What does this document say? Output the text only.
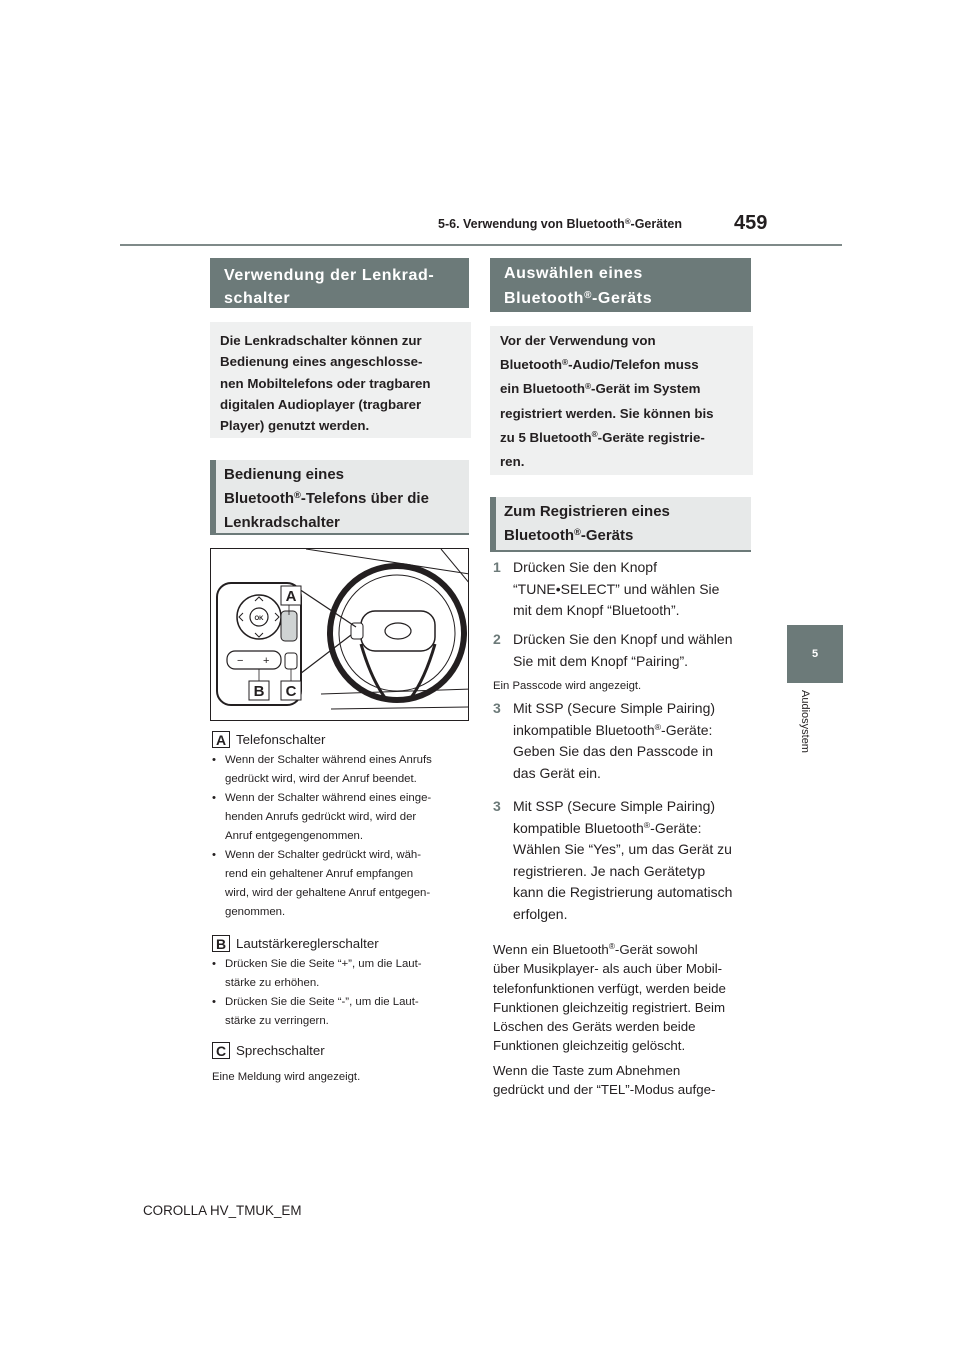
5-6. Verwendung von Bluetooth®-Geräten	459
5
Audiosystem
Verwendung der Lenkrad-
schalter
Die Lenkradschalter können zur
Bedienung eines angeschlosse-
nen Mobiltelefons oder tragbaren
digitalen Audioplayer (tragbarer
Player) genutzt werden.
Bedienung eines
Bluetooth®-Telefons über die
Lenkradschalter
OK
− +
A
B C
A Telefonschalter
• Wenn der Schalter während eines Anrufs
gedrückt wird, wird der Anruf beendet.
• Wenn der Schalter während eines einge-
henden Anrufs gedrückt wird, wird der
Anruf entgegengenommen.
• Wenn der Schalter gedrückt wird, wäh-
rend ein gehaltener Anruf empfangen
wird, wird der gehaltene Anruf entgegen-
genommen.
B Lautstärkereglerschalter
• Drücken Sie die Seite “+”, um die Laut-
stärke zu erhöhen.
• Drücken Sie die Seite “-”, um die Laut-
stärke zu verringern.
C Sprechschalter
Eine Meldung wird angezeigt.
Auswählen eines
Bluetooth®-Geräts
Vor der Verwendung von
Bluetooth®-Audio/Telefon muss
ein Bluetooth®-Gerät im System
registriert werden. Sie können bis
zu 5 Bluetooth®-Geräte registrie-
ren.
Zum Registrieren eines
Bluetooth®-Geräts
1 Drücken Sie den Knopf
“TUNE•SELECT” und wählen Sie
mit dem Knopf “Bluetooth”.
2 Drücken Sie den Knopf und wählen
Sie mit dem Knopf “Pairing”.
Ein Passcode wird angezeigt.
3 Mit SSP (Secure Simple Pairing)
inkompatible Bluetooth®-Geräte:
Geben Sie das den Passcode in
das Gerät ein.
3 Mit SSP (Secure Simple Pairing)
kompatible Bluetooth®-Geräte:
Wählen Sie “Yes”, um das Gerät zu
registrieren. Je nach Gerätetyp
kann die Registrierung automatisch
erfolgen.
Wenn ein Bluetooth®-Gerät sowohl
über Musikplayer- als auch über Mobil-
telefonfunktionen verfügt, werden beide
Funktionen gleichzeitig registriert. Beim
Löschen des Geräts werden beide
Funktionen gleichzeitig gelöscht.
Wenn die Taste zum Abnehmen
gedrückt und der “TEL”-Modus aufge-
COROLLA HV_TMUK_EM
